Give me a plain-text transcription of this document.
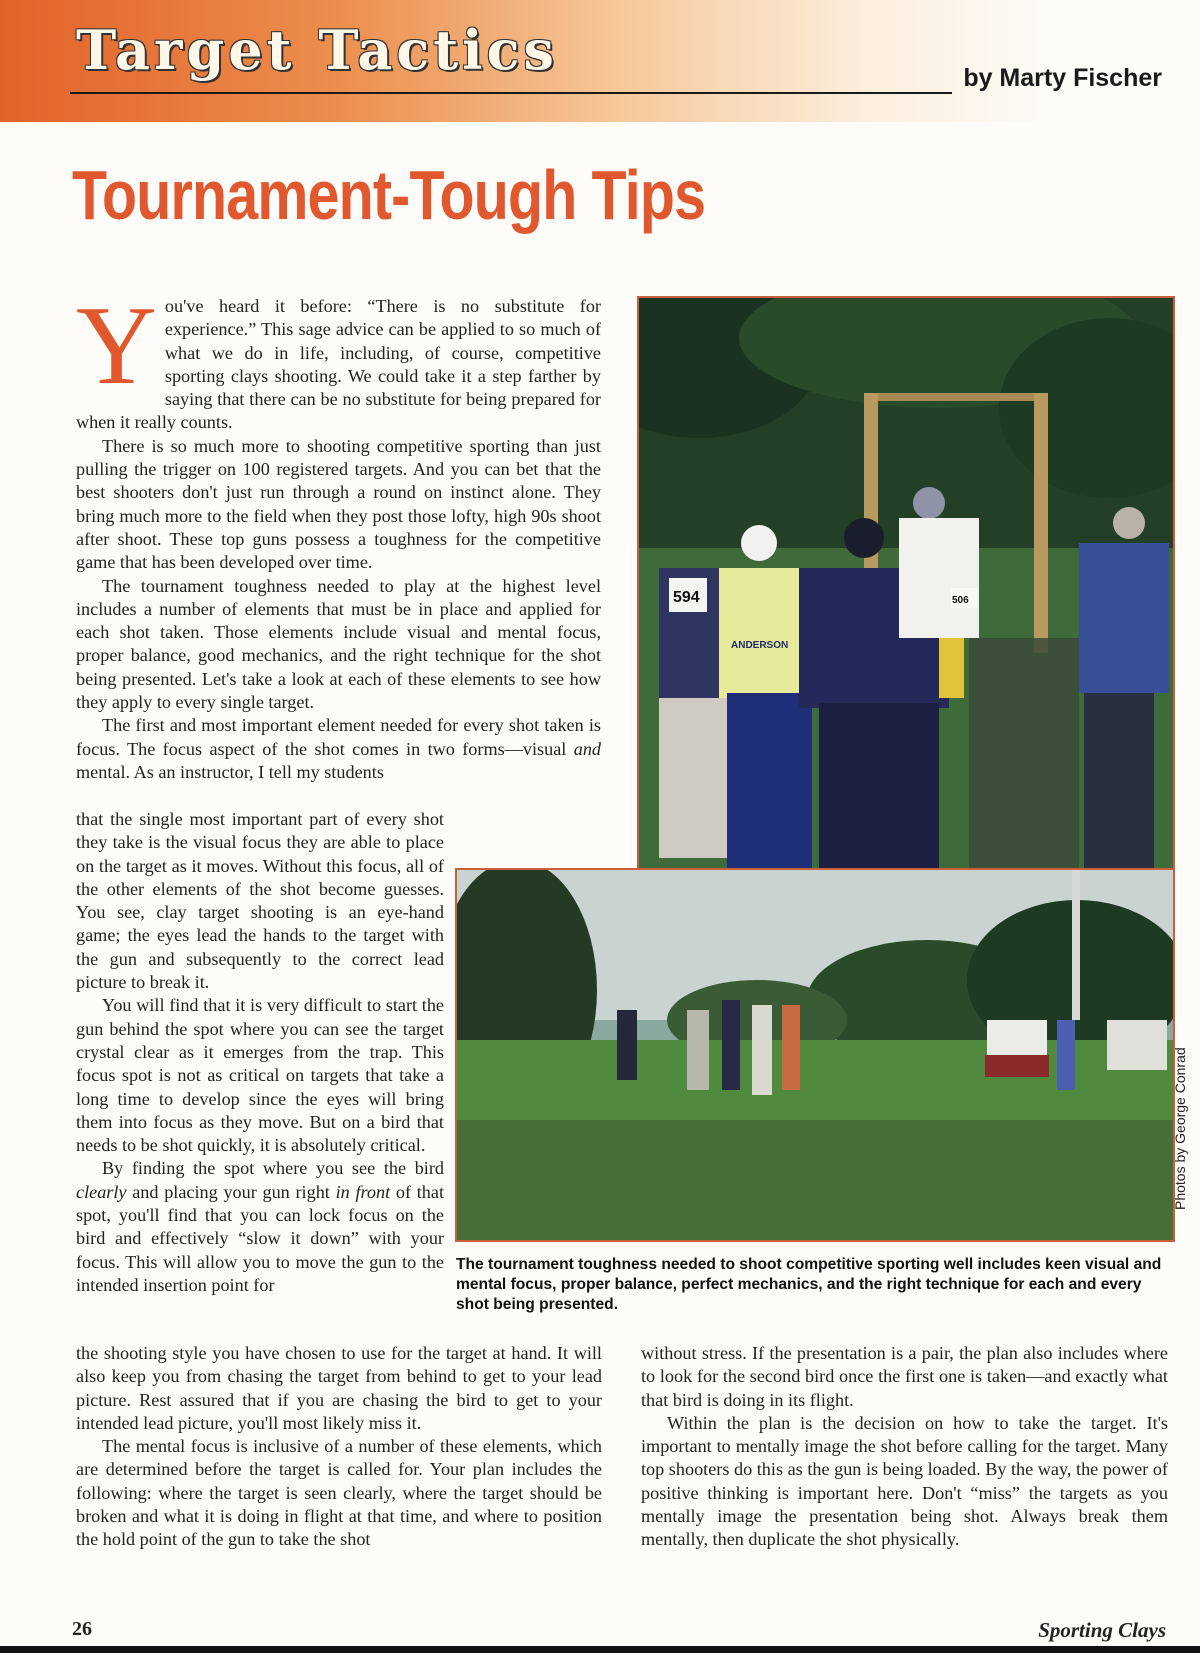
Target Tactics	by Marty Fischer
Tournament-Tough Tips

You've heard it before: “There is no substitute for experience.” This sage advice can be applied to so much of what we do in life, including, of course, competitive sporting clays shooting. We could take it a step farther by saying that there can be no substitute for being prepared for when it really counts.

There is so much more to shooting competitive sporting than just pulling the trigger on 100 registered targets. And you can bet that the best shooters don't just run through a round on instinct alone. They bring much more to the field when they post those lofty, high 90s shoot after shoot. These top guns possess a toughness for the competitive game that has been developed over time.

The tournament toughness needed to play at the highest level includes a number of elements that must be in place and applied for each shot taken. Those elements include visual and mental focus, proper balance, good mechanics, and the right technique for the shot being presented. Let's take a look at each of these elements to see how they apply to every single target.

The first and most important element needed for every shot taken is focus. The focus aspect of the shot comes in two forms—visual and mental. As an instructor, I tell my students

that the single most important part of every shot they take is the visual focus they are able to place on the target as it moves. Without this focus, all of the other elements of the shot become guesses. You see, clay target shooting is an eye-hand game; the eyes lead the hands to the target with the gun and subsequently to the correct lead picture to break it.

You will find that it is very difficult to start the gun behind the spot where you can see the target crystal clear as it emerges from the trap. This focus spot is not as critical on targets that take a long time to develop since the eyes will bring them into focus as they move. But on a bird that needs to be shot quickly, it is absolutely critical.

By finding the spot where you see the bird clearly and placing your gun right in front of that spot, you'll find that you can lock focus on the bird and effectively “slow it down” with your focus. This will allow you to move the gun to the intended insertion point for

the shooting style you have chosen to use for the target at hand. It will also keep you from chasing the target from behind to get to your lead picture. Rest assured that if you are chasing the bird to get to your intended lead picture, you'll most likely miss it.

The mental focus is inclusive of a number of these elements, which are determined before the target is called for. Your plan includes the following: where the target is seen clearly, where the target should be broken and what it is doing in flight at that time, and where to position the hold point of the gun to take the shot

without stress. If the presentation is a pair, the plan also includes where to look for the second bird once the first one is taken—and exactly what that bird is doing in its flight.

Within the plan is the decision on how to take the target. It's important to mentally image the shot before calling for the target. Many top shooters do this as the gun is being loaded. By the way, the power of positive thinking is important here. Don't “miss” the targets as you mentally image the presentation being shot. Always break them mentally, then duplicate the shot physically.

594
ANDERSON
506
The tournament toughness needed to shoot competitive sporting well includes keen visual and mental focus, proper balance, perfect mechanics, and the right technique for each and every shot being presented.
Photos by George Conrad
26	Sporting Clays
